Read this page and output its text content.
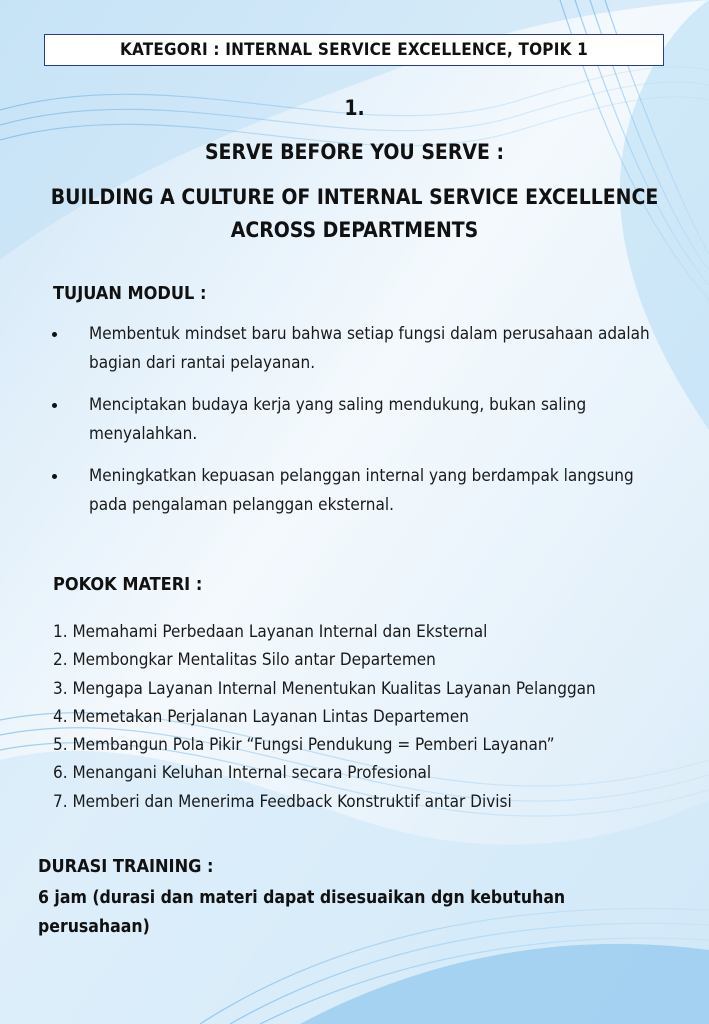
KATEGORI : INTERNAL SERVICE EXCELLENCE, TOPIK 1
1.
SERVE BEFORE YOU SERVE :
BUILDING A CULTURE OF INTERNAL SERVICE EXCELLENCE
ACROSS DEPARTMENTS
TUJUAN MODUL :
Membentuk mindset baru bahwa setiap fungsi dalam perusahaan adalah bagian dari rantai pelayanan.
Menciptakan budaya kerja yang saling mendukung, bukan saling menyalahkan.
Meningkatkan kepuasan pelanggan internal yang berdampak langsung pada pengalaman pelanggan eksternal.
POKOK MATERI :
1. Memahami Perbedaan Layanan Internal dan Eksternal
2. Membongkar Mentalitas Silo antar Departemen
3. Mengapa Layanan Internal Menentukan Kualitas Layanan Pelanggan
4. Memetakan Perjalanan Layanan Lintas Departemen
5. Membangun Pola Pikir “Fungsi Pendukung = Pemberi Layanan”
6. Menangani Keluhan Internal secara Profesional
7. Memberi dan Menerima Feedback Konstruktif antar Divisi
DURASI TRAINING :
6 jam (durasi dan materi dapat disesuaikan dgn kebutuhan perusahaan)
